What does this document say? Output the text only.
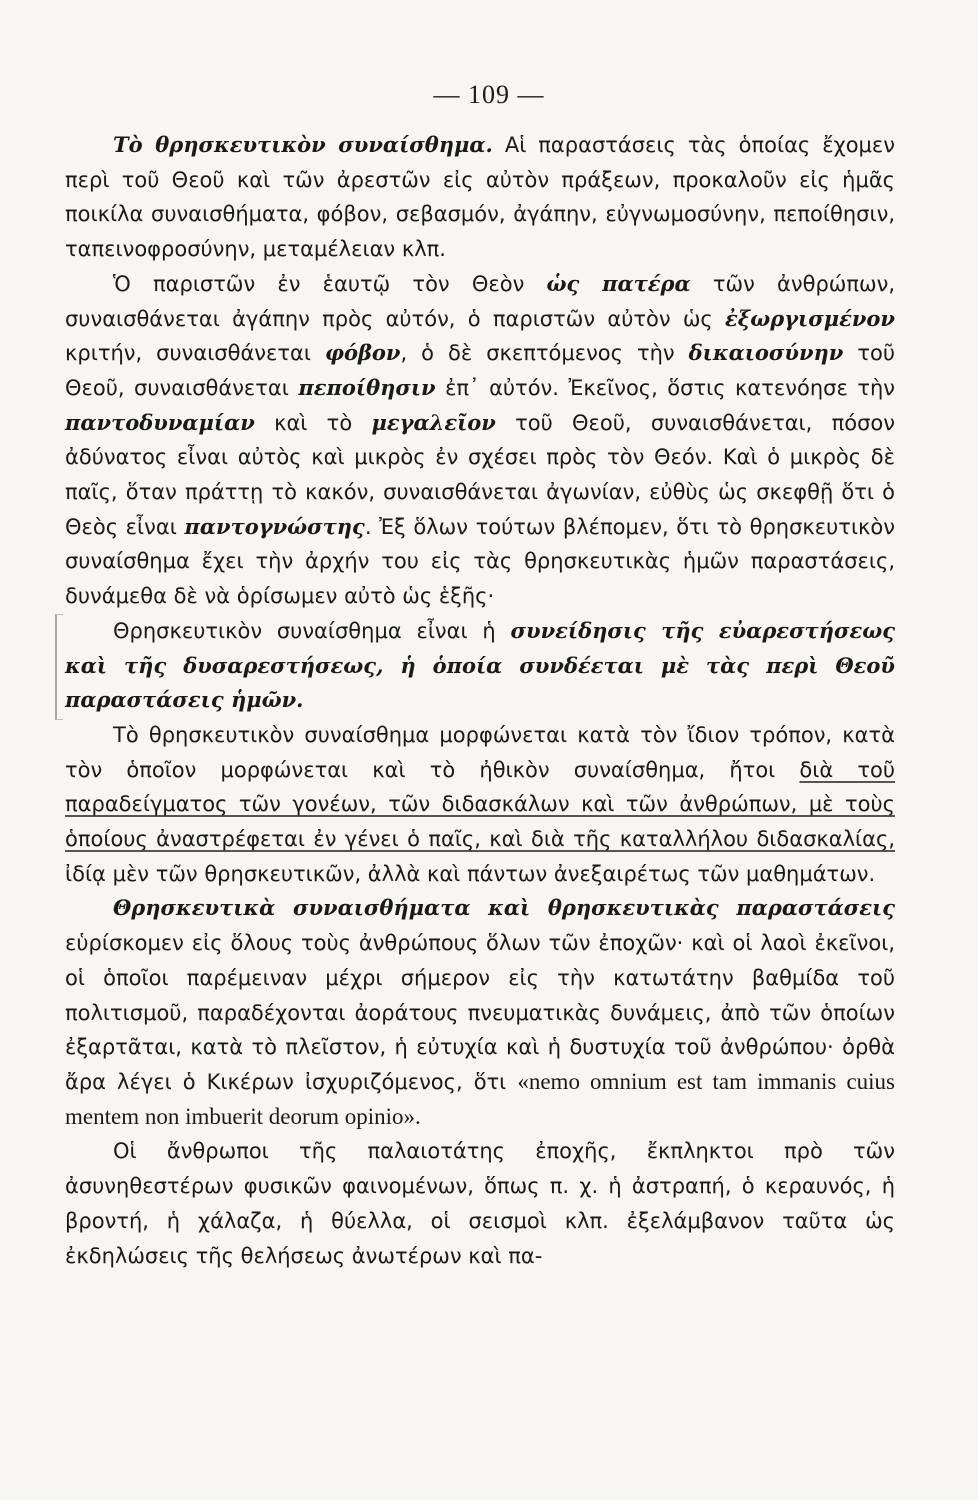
— 109 —

Τὸ θρησκευτικὸν συναίσθημα. Αἱ παραστάσεις τὰς ὁποίας ἔχομεν περὶ τοῦ Θεοῦ καὶ τῶν ἀρεστῶν εἰς αὐτὸν πράξεων, προκαλοῦν εἰς ἡμᾶς ποικίλα συναισθήματα, φόβον, σεβασμόν, ἀγάπην, εὐγνωμοσύνην, πεποίθησιν, ταπεινοφροσύνην, μεταμέλειαν κλπ.

Ὁ παριστῶν ἐν ἑαυτῷ τὸν Θεὸν ὡς πατέρα τῶν ἀνθρώπων, συναισθάνεται ἀγάπην πρὸς αὐτόν, ὁ παριστῶν αὐτὸν ὡς ἐξωργισμένον κριτήν, συναισθάνεται φόβον, ὁ δὲ σκεπτόμενος τὴν δικαιοσύνην τοῦ Θεοῦ, συναισθάνεται πεποίθησιν ἐπ᾽ αὐτόν. Ἐκεῖνος, ὅστις κατενόησε τὴν παντοδυναμίαν καὶ τὸ μεγαλεῖον τοῦ Θεοῦ, συναισθάνεται, πόσον ἀδύνατος εἶναι αὐτὸς καὶ μικρὸς ἐν σχέσει πρὸς τὸν Θεόν. Καὶ ὁ μικρὸς δὲ παῖς, ὅταν πράττῃ τὸ κακόν, συναισθάνεται ἀγωνίαν, εὐθὺς ὡς σκεφθῇ ὅτι ὁ Θεὸς εἶναι παντογνώστης. Ἐξ ὅλων τούτων βλέπομεν, ὅτι τὸ θρησκευτικὸν συναίσθημα ἔχει τὴν ἀρχήν του εἰς τὰς θρησκευτικὰς ἡμῶν παραστάσεις, δυνάμεθα δὲ νὰ ὁρίσωμεν αὐτὸ ὡς ἑξῆς·

Θρησκευτικὸν συναίσθημα εἶναι ἡ συνείδησις τῆς εὐαρεστήσεως καὶ τῆς δυσαρεστήσεως, ἡ ὁποία συνδέεται μὲ τὰς περὶ Θεοῦ παραστάσεις ἡμῶν.

Τὸ θρησκευτικὸν συναίσθημα μορφώνεται κατὰ τὸν ἴδιον τρόπον, κατὰ τὸν ὁποῖον μορφώνεται καὶ τὸ ἠθικὸν συναίσθημα, ἤτοι διὰ τοῦ παραδείγματος τῶν γονέων, τῶν διδασκάλων καὶ τῶν ἀνθρώπων, μὲ τοὺς ὁποίους ἀναστρέφεται ἐν γένει ὁ παῖς, καὶ διὰ τῆς καταλλήλου διδασκαλίας, ἰδίᾳ μὲν τῶν θρησκευτικῶν, ἀλλὰ καὶ πάντων ἀνεξαιρέτως τῶν μαθημάτων.

Θρησκευτικὰ συναισθήματα καὶ θρησκευτικὰς παραστάσεις εὑρίσκομεν εἰς ὅλους τοὺς ἀνθρώπους ὅλων τῶν ἐποχῶν· καὶ οἱ λαοὶ ἐκεῖνοι, οἱ ὁποῖοι παρέμειναν μέχρι σήμερον εἰς τὴν κατωτάτην βαθμίδα τοῦ πολιτισμοῦ, παραδέχονται ἀοράτους πνευματικὰς δυνάμεις, ἀπὸ τῶν ὁποίων ἐξαρτᾶται, κατὰ τὸ πλεῖστον, ἡ εὐτυχία καὶ ἡ δυστυχία τοῦ ἀνθρώπου· ὀρθὰ ἄρα λέγει ὁ Κικέρων ἰσχυριζόμενος, ὅτι «nemo omnium est tam immanis cuius mentem non imbuerit deorum opinio».

Οἱ ἄνθρωποι τῆς παλαιοτάτης ἐποχῆς, ἔκπληκτοι πρὸ τῶν ἀσυνηθεστέρων φυσικῶν φαινομένων, ὅπως π. χ. ἡ ἀστραπή, ὁ κεραυνός, ἡ βροντή, ἡ χάλαζα, ἡ θύελλα, οἱ σεισμοὶ κλπ. ἐξελάμβανον ταῦτα ὡς ἐκδηλώσεις τῆς θελήσεως ἀνωτέρων καὶ πα-
